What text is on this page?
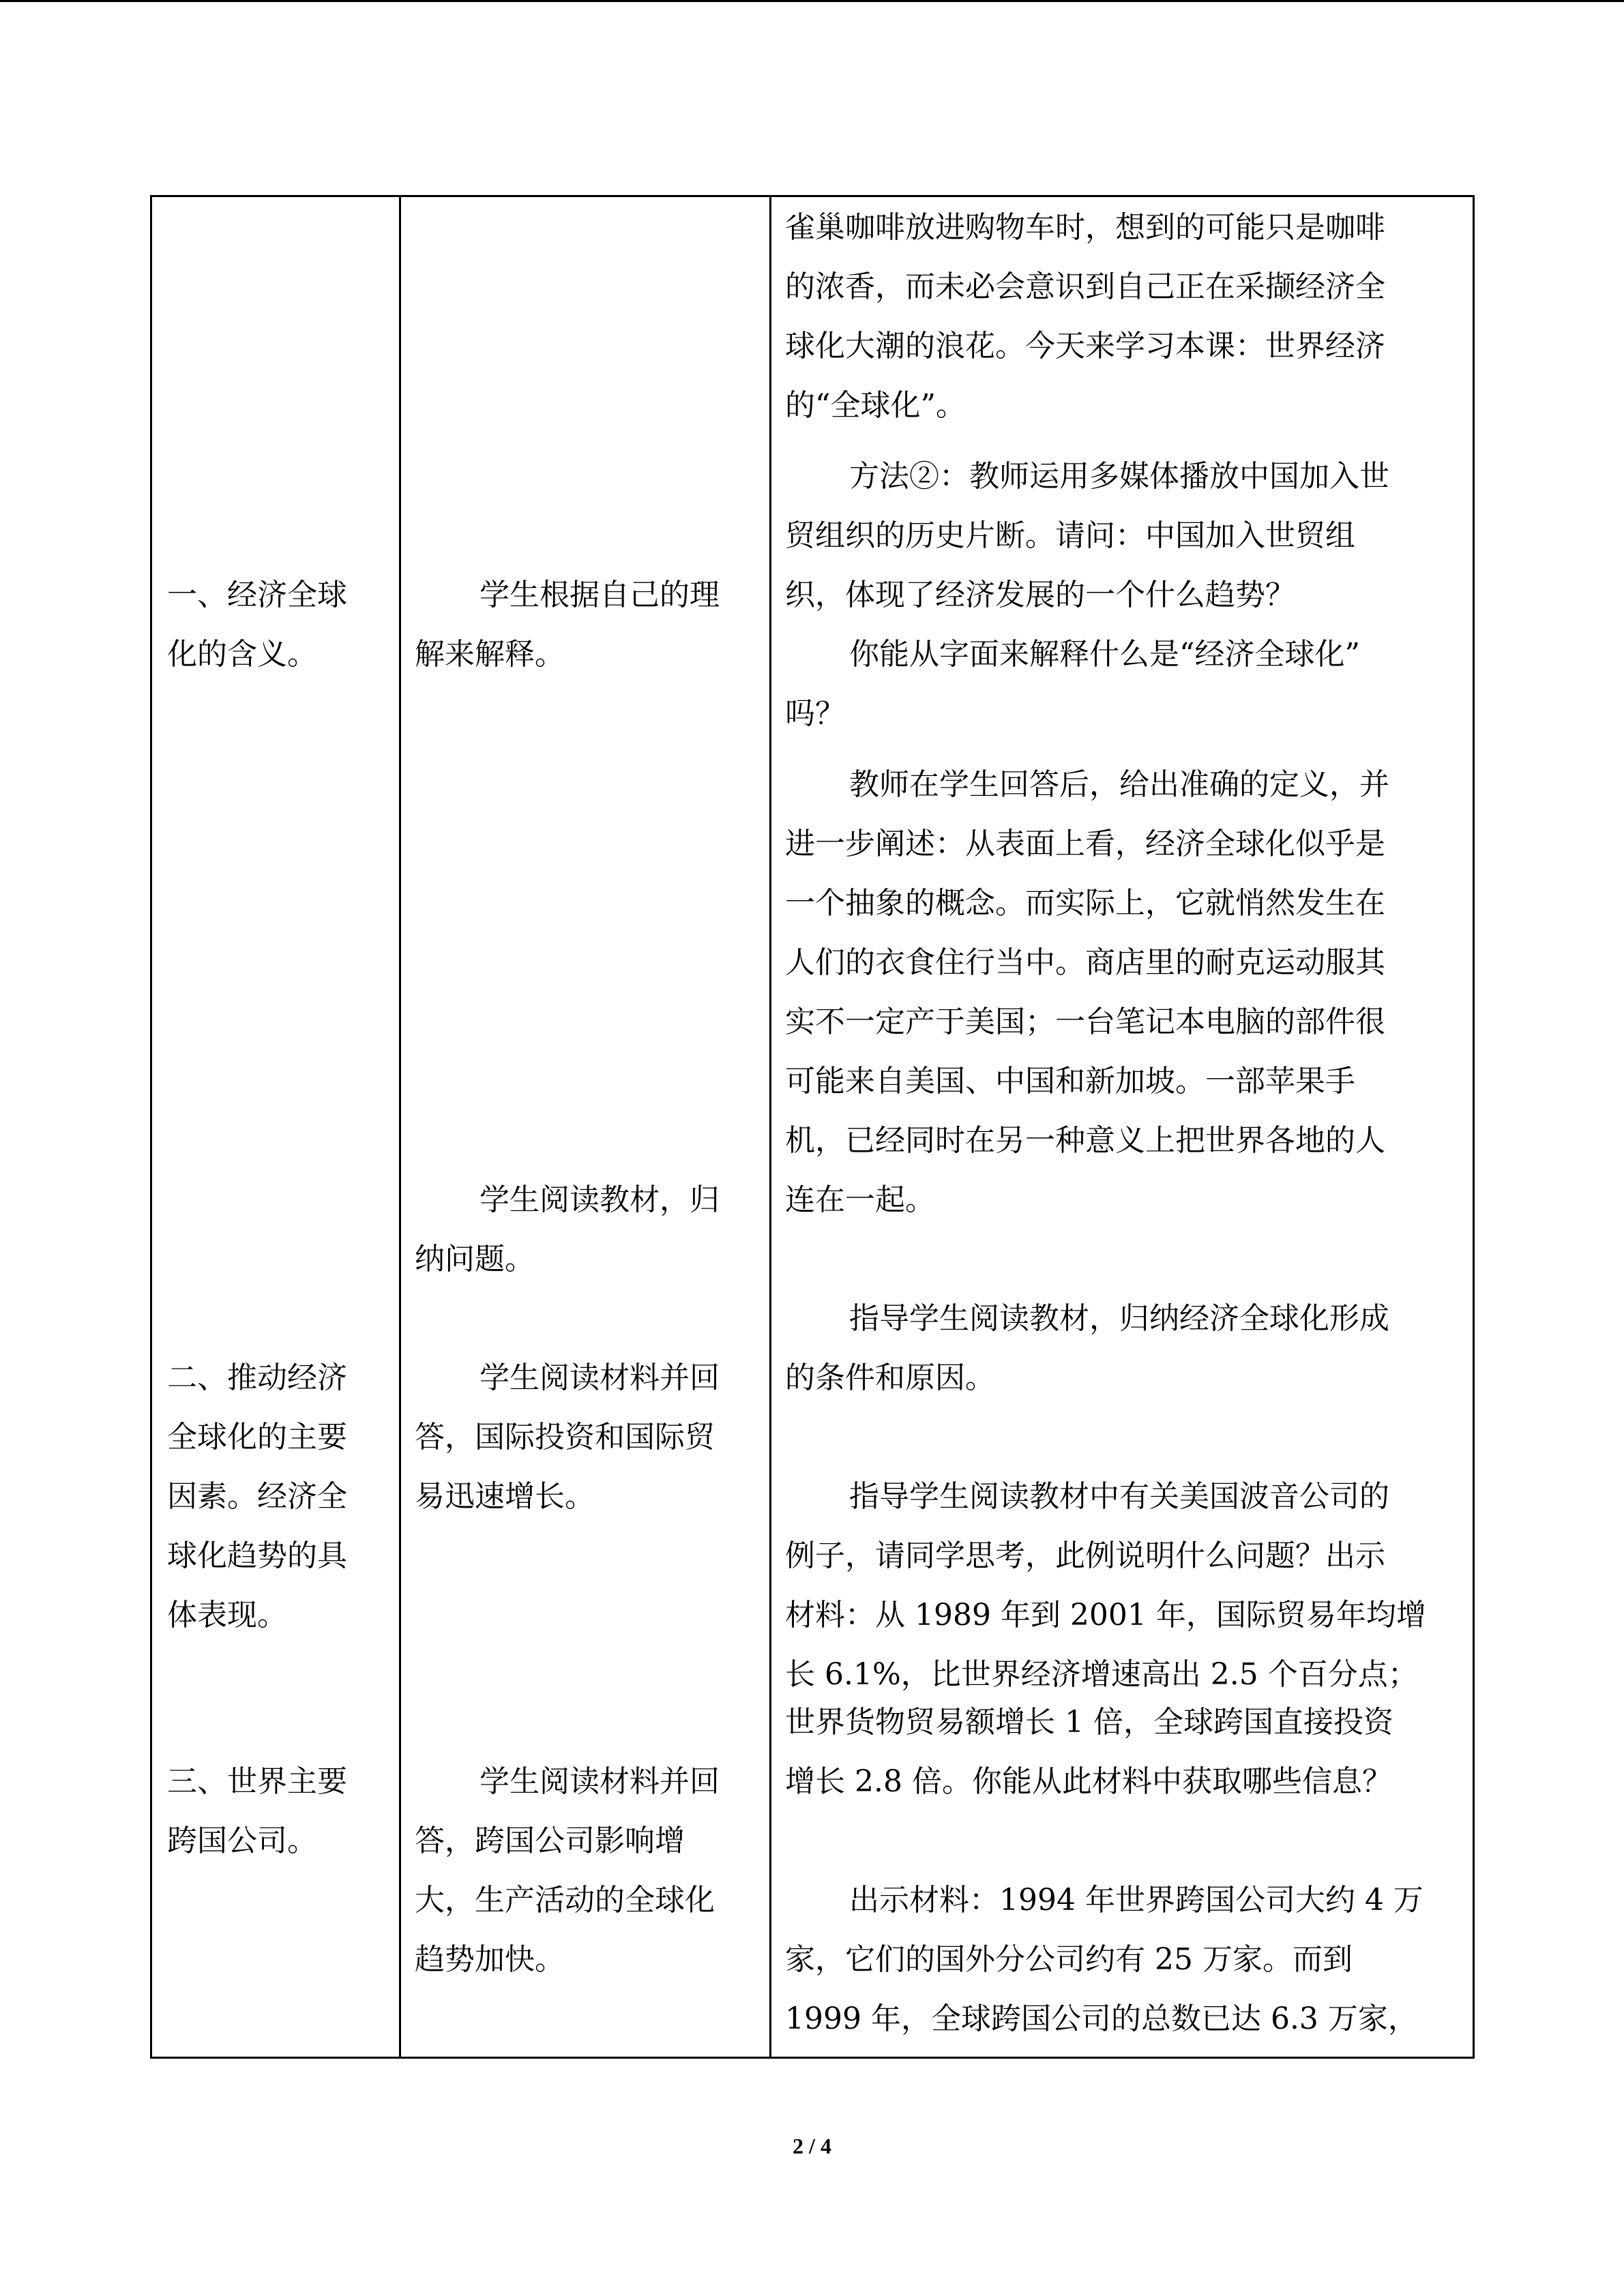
一、经济全球
化的含义。
二、推动经济
全球化的主要
因素。经济全
球化趋势的具
体表现。
三、世界主要
跨国公司。
学生根据自己的理
解来解释。
学生阅读教材，归
纳问题。
学生阅读材料并回
答，国际投资和国际贸
易迅速增长。
学生阅读材料并回
答，跨国公司影响增
大，生产活动的全球化
趋势加快。
雀巢咖啡放进购物车时，想到的可能只是咖啡
的浓香，而未必会意识到自己正在采撷经济全
球化大潮的浪花。今天来学习本课：世界经济
的“全球化”。
方法②：教师运用多媒体播放中国加入世
贸组织的历史片断。请问：中国加入世贸组
织，体现了经济发展的一个什么趋势？
你能从字面来解释什么是“经济全球化”
吗？
教师在学生回答后，给出准确的定义，并
进一步阐述：从表面上看，经济全球化似乎是
一个抽象的概念。而实际上，它就悄然发生在
人们的衣食住行当中。商店里的耐克运动服其
实不一定产于美国；一台笔记本电脑的部件很
可能来自美国、中国和新加坡。一部苹果手
机，已经同时在另一种意义上把世界各地的人
连在一起。
指导学生阅读教材，归纳经济全球化形成
的条件和原因。
指导学生阅读教材中有关美国波音公司的
例子，请同学思考，此例说明什么问题？出示
材料：从 1989 年到 2001 年，国际贸易年均增
长 6.1%，比世界经济增速高出 2.5 个百分点；
世界货物贸易额增长 1 倍，全球跨国直接投资
增长 2.8 倍。你能从此材料中获取哪些信息？
出示材料：1994 年世界跨国公司大约 4 万
家，它们的国外分公司约有 25 万家。而到
1999 年，全球跨国公司的总数已达 6.3 万家，
2 / 4
